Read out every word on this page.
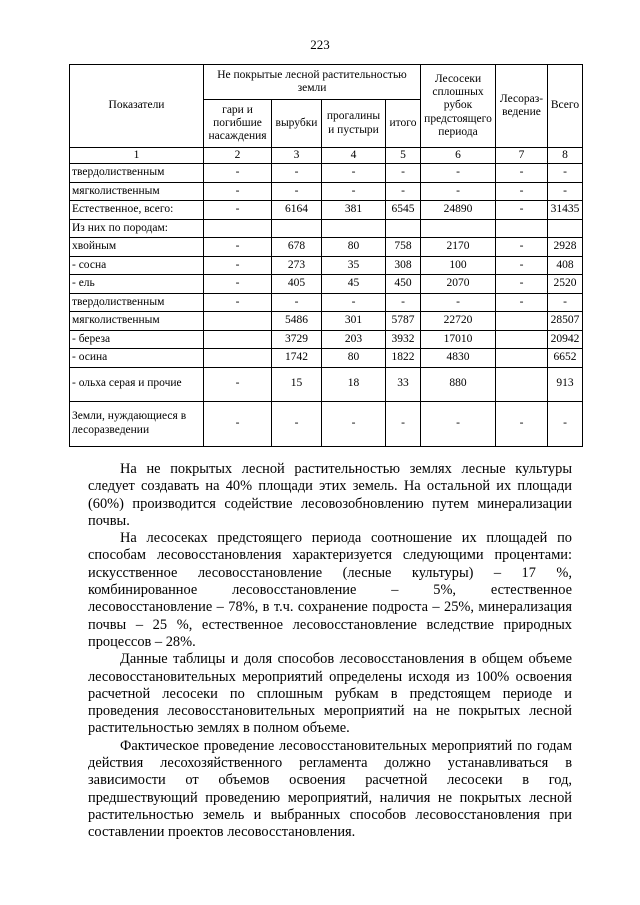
223
Показатели	Не покрытые лесной растительностью земли				Лесосеки сплошных рубок предстоящего периода	Лесораз-ведение	Всего
	гари и погибшие насаждения	вырубки	прогалины и пустыри	итого			
1	2	3	4	5	6	7	8
твердолиственным	-	-	-	-	-	-	-
мягколиственным	-	-	-	-	-	-	-
Естественное, всего:	-	6164	381	6545	24890	-	31435
Из них по породам:							
хвойным	-	678	80	758	2170	-	2928
- сосна	-	273	35	308	100	-	408
- ель	-	405	45	450	2070	-	2520
твердолиственным	-	-	-	-	-	-	-
мягколиственным		5486	301	5787	22720		28507
- береза		3729	203	3932	17010		20942
- осина		1742	80	1822	4830		6652
- ольха серая и прочие	-	15	18	33	880		913
Земли, нуждающиеся в лесоразведении	-	-	-	-	-	-	-

На не покрытых лесной растительностью землях лесные культуры следует создавать на 40% площади этих земель. На остальной их площади (60%) производится содействие лесовозобновлению путем минерализации почвы.

На лесосеках предстоящего периода соотношение их площадей по способам лесовосстановления характеризуется следующими процентами: искусственное лесовосстановление (лесные культуры) – 17 %, комбинированное лесовосстановление – 5%, естественное лесовосстановление – 78%, в т.ч. сохранение подроста – 25%, минерализация почвы – 25 %, естественное лесовосстановление вследствие природных процессов – 28%.

Данные таблицы и доля способов лесовосстановления в общем объеме лесовосстановительных мероприятий определены исходя из 100% освоения расчетной лесосеки по сплошным рубкам в предстоящем периоде и проведения лесовосстановительных мероприятий на не покрытых лесной растительностью землях в полном объеме.

Фактическое проведение лесовосстановительных мероприятий по годам действия лесохозяйственного регламента должно устанавливаться в зависимости от объемов освоения расчетной лесосеки в год, предшествующий проведению мероприятий, наличия не покрытых лесной растительностью земель и выбранных способов лесовосстановления при составлении проектов лесовосстановления.
